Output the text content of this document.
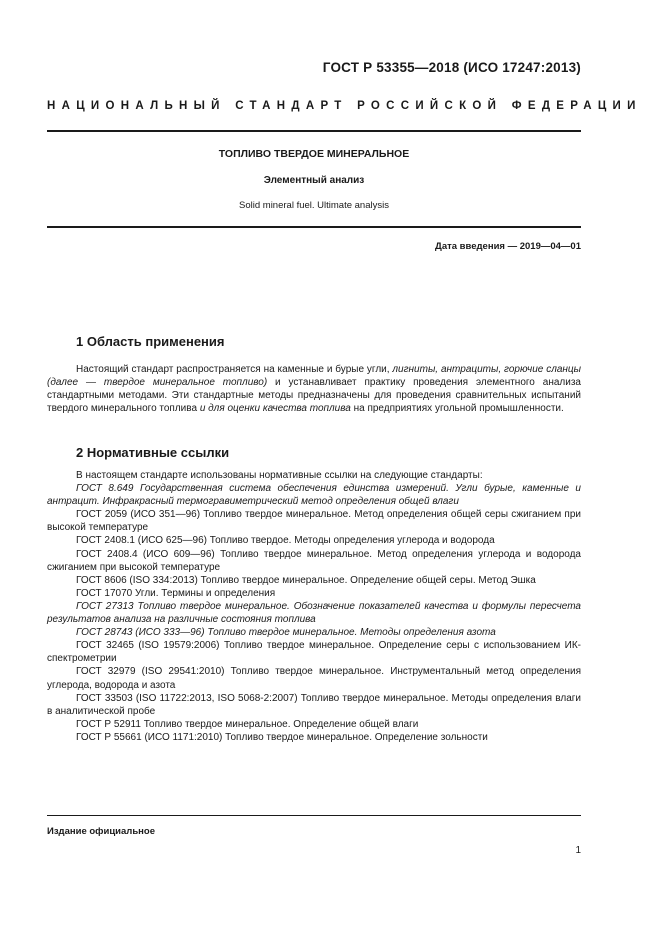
ГОСТ Р 53355—2018 (ИСО 17247:2013)
НАЦИОНАЛЬНЫЙ СТАНДАРТ РОССИЙСКОЙ ФЕДЕРАЦИИ
ТОПЛИВО ТВЕРДОЕ МИНЕРАЛЬНОЕ
Элементный анализ
Solid mineral fuel. Ultimate analysis
Дата введения — 2019—04—01
1 Область применения
Настоящий стандарт распространяется на каменные и бурые угли, лигниты, антрациты, горючие сланцы (далее — твердое минеральное топливо) и устанавливает практику проведения элементного анализа стандартными методами. Эти стандартные методы предназначены для проведения сравнительных испытаний твердого минерального топлива и для оценки качества топлива на предприятиях угольной промышленности.
2 Нормативные ссылки
В настоящем стандарте использованы нормативные ссылки на следующие стандарты:
ГОСТ 8.649 Государственная система обеспечения единства измерений. Угли бурые, каменные и антрацит. Инфракрасный термогравиметрический метод определения общей влаги
ГОСТ 2059 (ИСО 351—96) Топливо твердое минеральное. Метод определения общей серы сжиганием при высокой температуре
ГОСТ 2408.1 (ИСО 625—96) Топливо твердое. Методы определения углерода и водорода
ГОСТ 2408.4 (ИСО 609—96) Топливо твердое минеральное. Метод определения углерода и водорода сжиганием при высокой температуре
ГОСТ 8606 (ISO 334:2013) Топливо твердое минеральное. Определение общей серы. Метод Эшка
ГОСТ 17070 Угли. Термины и определения
ГОСТ 27313 Топливо твердое минеральное. Обозначение показателей качества и формулы пересчета результатов анализа на различные состояния топлива
ГОСТ 28743 (ИСО 333—96) Топливо твердое минеральное. Методы определения азота
ГОСТ 32465 (ISO 19579:2006) Топливо твердое минеральное. Определение серы с использованием ИК-спектрометрии
ГОСТ 32979 (ISO 29541:2010) Топливо твердое минеральное. Инструментальный метод определения углерода, водорода и азота
ГОСТ 33503 (ISO 11722:2013, ISO 5068-2:2007) Топливо твердое минеральное. Методы определения влаги в аналитической пробе
ГОСТ Р 52911 Топливо твердое минеральное. Определение общей влаги
ГОСТ Р 55661 (ИСО 1171:2010) Топливо твердое минеральное. Определение зольности
Издание официальное
1
